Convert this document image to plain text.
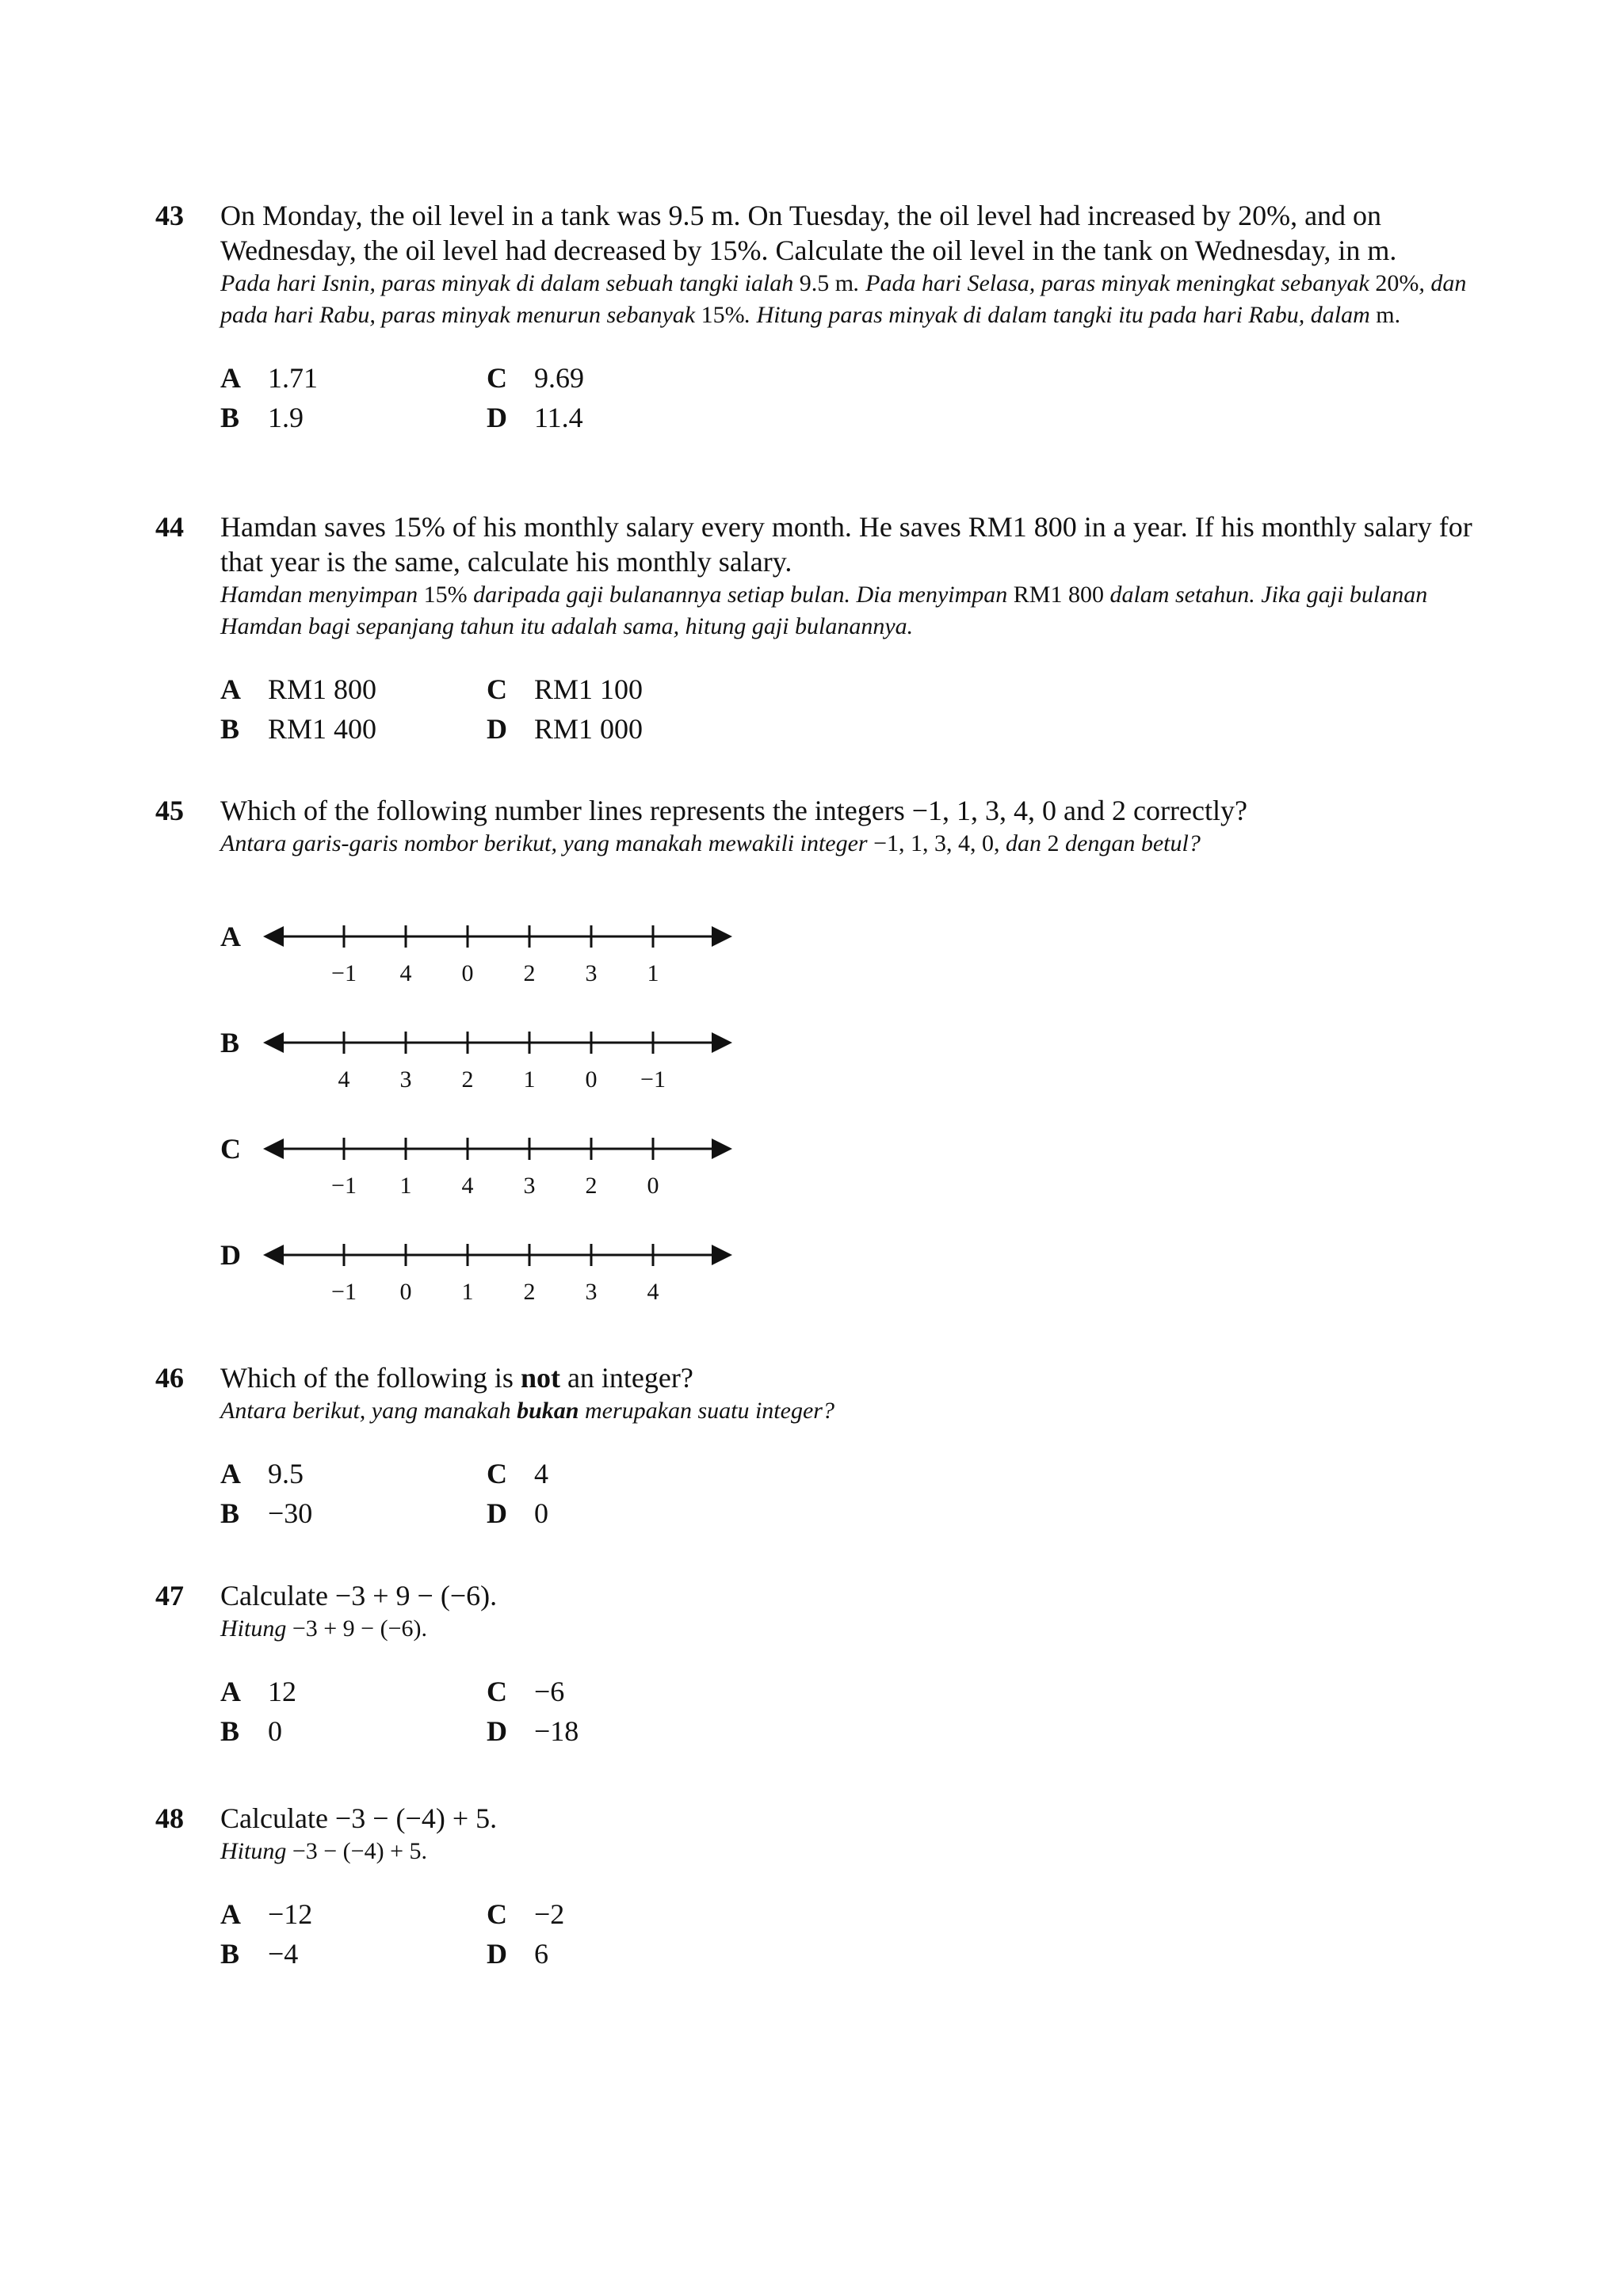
43 On Monday, the oil level in a tank was 9.5 m. On Tuesday, the oil level had increased by 20%, and on Wednesday, the oil level had decreased by 15%. Calculate the oil level in the tank on Wednesday, in m.

Pada hari Isnin, paras minyak di dalam sebuah tangki ialah 9.5 m. Pada hari Selasa, paras minyak meningkat sebanyak 20%, dan pada hari Rabu, paras minyak menurun sebanyak 15%. Hitung paras minyak di dalam tangki itu pada hari Rabu, dalam m.

A 1.71	C 9.69
B 1.9	D 11.4
44 Hamdan saves 15% of his monthly salary every month. He saves RM1 800 in a year. If his monthly salary for that year is the same, calculate his monthly salary.

Hamdan menyimpan 15% daripada gaji bulanannya setiap bulan. Dia menyimpan RM1 800 dalam setahun. Jika gaji bulanan Hamdan bagi sepanjang tahun itu adalah sama, hitung gaji bulanannya.

A RM1 800	C RM1 100
B RM1 400	D RM1 000
45 Which of the following number lines represents the integers −1, 1, 3, 4, 0 and 2 correctly?

Antara garis-garis nombor berikut, yang manakah mewakili integer −1, 1, 3, 4, 0, dan 2 dengan betul?

A
−1 4 0 2 3 1
B
4 3 2 1 0 −1
C
−1 1 4 3 2 0
D
−1 0 1 2 3 4
46 Which of the following is not an integer?

Antara berikut, yang manakah bukan merupakan suatu integer?

A 9.5	C 4
B −30	D 0
47 Calculate −3 + 9 − (−6).

Hitung −3 + 9 − (−6).

A 12	C −6
B 0	D −18
48 Calculate −3 − (−4) + 5.

Hitung −3 − (−4) + 5.

A −12	C −2
B −4	D 6
